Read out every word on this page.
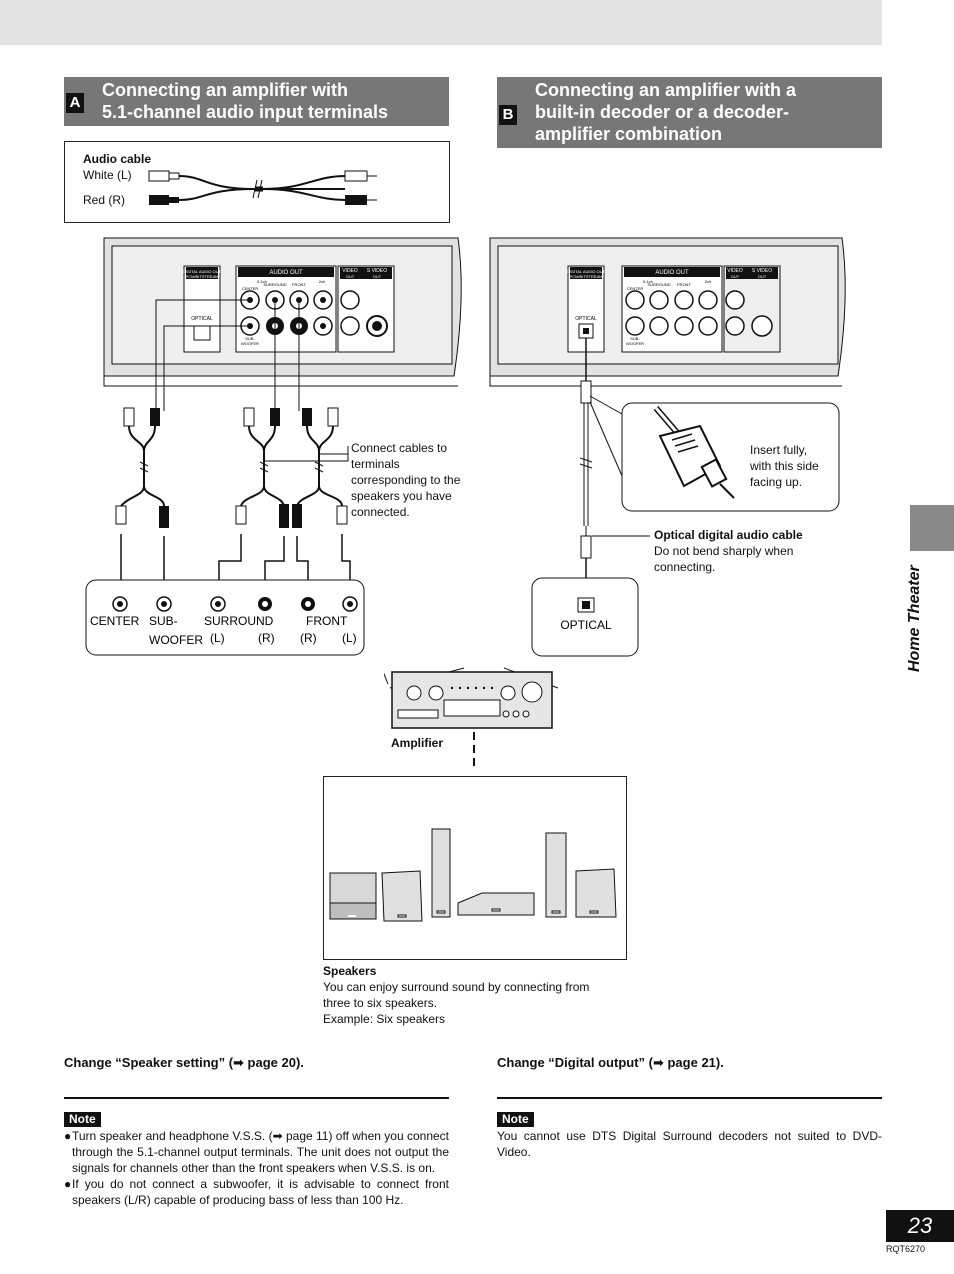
A
Connecting an amplifier with
5.1-channel audio input terminals	B
Connecting an amplifier with a
built-in decoder or a decoder-
amplifier combination
Audio cable
White (L)
Red (R)
DIGITAL AUDIO OUT
(PCM/BITSTREAM)
OPTICAL
AUDIO OUT
5.1ch	2ch
CENTER
SURROUND FRONT
SUB-
WOOFER
VIDEO S VIDEO
OUT	OUT
CENTER SUB-
WOOFER
SURROUND
(L)	(R)
FRONT
(R) (L)
Connect cables to
terminals
corresponding to the
speakers you have
connected.
DIGITAL AUDIO OUT
(PCM/BITSTREAM)
OPTICAL
AUDIO OUT
5.1ch	2ch
CENTER
SURROUND FRONT
SUB-
WOOFER
VIDEO S VIDEO
OUT	OUT
OPTICAL
Insert fully,
with this side
facing up.
Optical digital audio cable
Do not bend sharply when
connecting.
Amplifier
Speakers
You can enjoy surround sound by connecting from
three to six speakers.
Example: Six speakers
Change “Speaker setting” (➡ page 20).	Change “Digital output” (➡ page 21).
Note

● Turn speaker and headphone V.S.S. (➡ page 11) off when you connect through the 5.1-channel output terminals. The unit does not output the signals for channels other than the front speakers when V.S.S. is on.

● If you do not connect a subwoofer, it is advisable to connect front speakers (L/R) capable of producing bass of less than 100 Hz.

Note
You cannot use DTS Digital Surround decoders not suited to DVD-Video.
Home Theater
23
RQT6270
